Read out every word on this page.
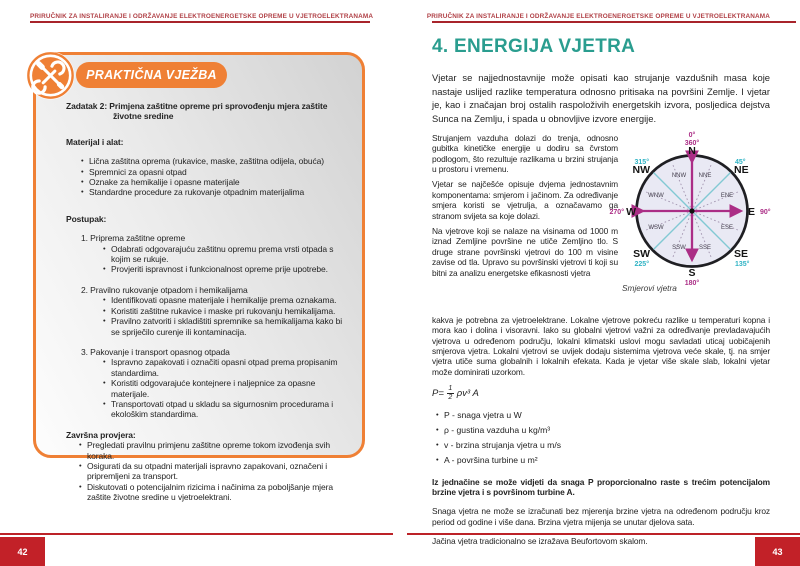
PRIRUČNIK ZA INSTALIRANJE I ODRŽAVANJE ELEKTROENERGETSKE OPREME U VJETROELEKTRANAMA
PRAKTIČNA VJEŽBA

Zadatak 2: Primjena zaštitne opreme pri sprovođenju mjera zaštite životne sredine

Materijal i alat:

• Lična zaštitna oprema (rukavice, maske, zaštitna odijela, obuća)
• Spremnici za opasni otpad
• Oznake za hemikalije i opasne materijale
• Standardne procedure za rukovanje otpadnim materijalima

Postupak:

1. Priprema zaštitne opreme

• Odabrati odgovarajuću zaštitnu opremu prema vrsti otpada s kojim se rukuje.
• Provjeriti ispravnost i funkcionalnost opreme prije upotrebe.

2. Pravilno rukovanje otpadom i hemikalijama

• Identifikovati opasne materijale i hemikalije prema oznakama.
• Koristiti zaštitne rukavice i maske pri rukovanju hemikalijama.
• Pravilno zatvoriti i skladištiti spremnike sa hemikalijama kako bi se spriječilo curenje ili kontaminacija.

3. Pakovanje i transport opasnog otpada

• Ispravno zapakovati i označiti opasni otpad prema propisanim standardima.
• Koristiti odgovarajuće kontejnere i naljepnice za opasne materijale.
• Transportovati otpad u skladu sa sigurnosnim procedurama i ekološkim standardima.

Završna provjera:

• Pregledati pravilnu primjenu zaštitne opreme tokom izvođenja svih koraka.
• Osigurati da su otpadni materijali ispravno zapakovani, označeni i pripremljeni za transport.
• Diskutovati o potencijalnim rizicima i načinima za poboljšanje mjera zaštite životne sredine u vjetroelektrani.
42
PRIRUČNIK ZA INSTALIRANJE I ODRŽAVANJE ELEKTROENERGETSKE OPREME U VJETROELEKTRANAMA
4. ENERGIJA VJETRA

Vjetar se najjednostavnije može opisati kao strujanje vazdušnih masa koje nastaje uslijed razlike temperatura odnosno pritisaka na površini Zemlje. I vjetar je, kao i značajan broj ostalih raspoloživih energetskih izvora, posljedica dejstva Sunca na Zemlju, i spada u obnovljive izvore energije.

Strujanjem vazduha dolazi do trenja, odnosno gubitka kinetičke energije u dodiru sa čvrstom podlogom, što rezultuje razlikama u brzini strujanja u prostoru i vremenu.

Vjetar se najčešće opisuje dvjema jednostavnim komponentama: smjerom i jačinom. Za određivanje smjera koristi se vjetrulja, a označavamo ga stranom svijeta sa koje dolazi.

Na vjetrove koji se nalaze na visinama od 1000 m iznad Zemljine površine ne utiče Zemljino tlo. S druge strane površinski vjetrovi do 100 m visine zavise od tla. Upravo su površinski vjetrovi ti koji su bitni za analizu energetske efikasnosti vjetra

0°
360°
90°
180°
270°
45°
135°
225°
315°
N
NE
E
SE
S
SW
W
NW	NNE
ENE
ESE
SSE
SSW
WSW
WNW
NNW
Smjerovi vjetra

kakva je potrebna za vjetroelektrane. Lokalne vjetrove pokreću razlike u temperaturi kopna i mora kao i dolina i visoravni. Iako su globalni vjetrovi važni za određivanje prevladavajućih vjetrova u određenom području, lokalni klimatski uslovi mogu savladati uticaj uobičajenih smjerova vjetra. Lokalni vjetrovi se uvijek dodaju sistemima vjetrova veće skale, tj. na smjer vjetra utiče suma globalnih i lokalnih efekata. Kada je vjetar više skale slab, lokalni vjetar može dominirati uzorkom.

$P= \frac{1}{2} \rho v^3$ A
• P - snaga vjetra u W
• ρ - gustina vazduha u kg/m³
• v - brzina strujanja vjetra u m/s
• A - površina turbine u m²

Iz jednačine se može vidjeti da snaga P proporcionalno raste s trećim potencijalom brzine vjetra i s površinom turbine A.

Snaga vjetra ne može se izračunati bez mjerenja brzine vjetra na određenom području kroz period od godine i više dana. Brzina vjetra mijenja se unutar djelova sata.

Jačina vjetra tradicionalno se izražava Beufortovom skalom.

43
